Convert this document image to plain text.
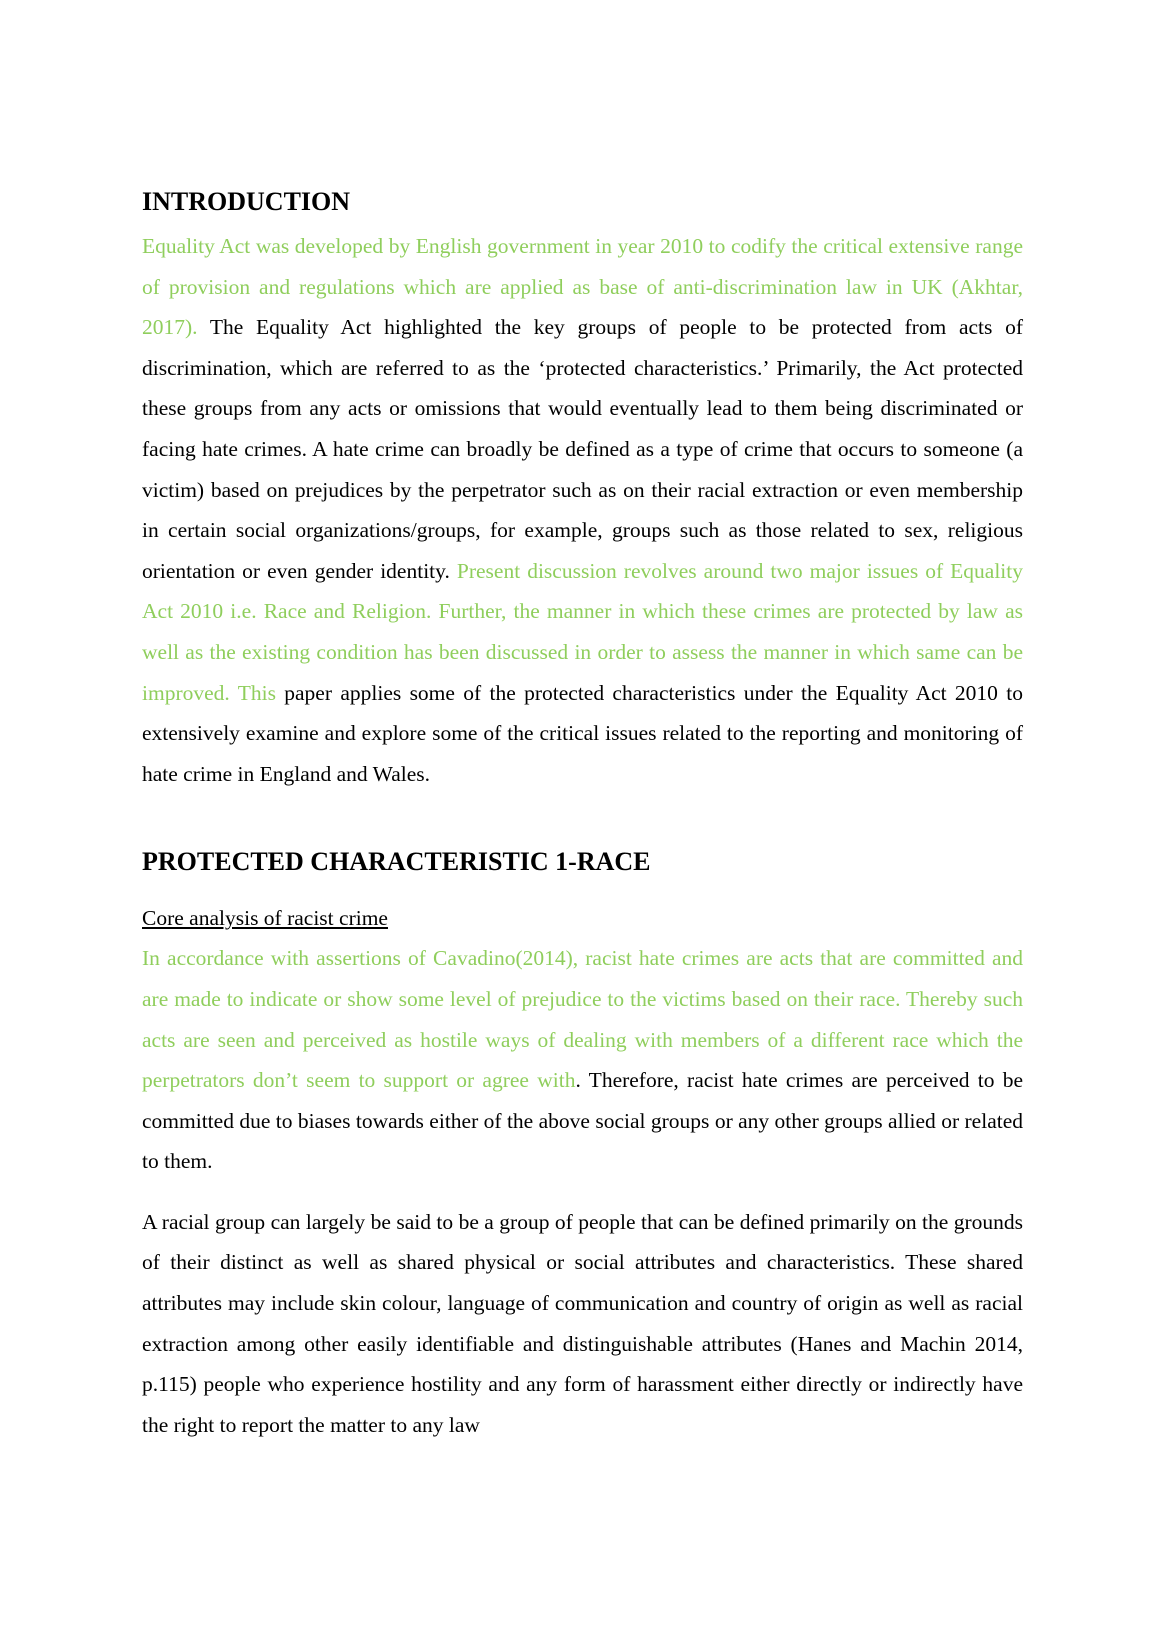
INTRODUCTION

Equality Act was developed by English government in year 2010 to codify the critical extensive range of provision and regulations which are applied as base of anti-discrimination law in UK (Akhtar, 2017). The Equality Act highlighted the key groups of people to be protected from acts of discrimination, which are referred to as the ‘protected characteristics.’ Primarily, the Act protected these groups from any acts or omissions that would eventually lead to them being discriminated or facing hate crimes. A hate crime can broadly be defined as a type of crime that occurs to someone (a victim) based on prejudices by the perpetrator such as on their racial extraction or even membership in certain social organizations/groups, for example, groups such as those related to sex, religious orientation or even gender identity. Present discussion revolves around two major issues of Equality Act 2010 i.e. Race and Religion. Further, the manner in which these crimes are protected by law as well as the existing condition has been discussed in order to assess the manner in which same can be improved. This paper applies some of the protected characteristics under the Equality Act 2010 to extensively examine and explore some of the critical issues related to the reporting and monitoring of hate crime in England and Wales.

PROTECTED CHARACTERISTIC 1-RACE

Core analysis of racist crime

In accordance with assertions of Cavadino(2014), racist hate crimes are acts that are committed and are made to indicate or show some level of prejudice to the victims based on their race. Thereby such acts are seen and perceived as hostile ways of dealing with members of a different race which the perpetrators don’t seem to support or agree with. Therefore, racist hate crimes are perceived to be committed due to biases towards either of the above social groups or any other groups allied or related to them.

A racial group can largely be said to be a group of people that can be defined primarily on the grounds of their distinct as well as shared physical or social attributes and characteristics. These shared attributes may include skin colour, language of communication and country of origin as well as racial extraction among other easily identifiable and distinguishable attributes (Hanes and Machin 2014, p.115) people who experience hostility and any form of harassment either directly or indirectly have the right to report the matter to any law
